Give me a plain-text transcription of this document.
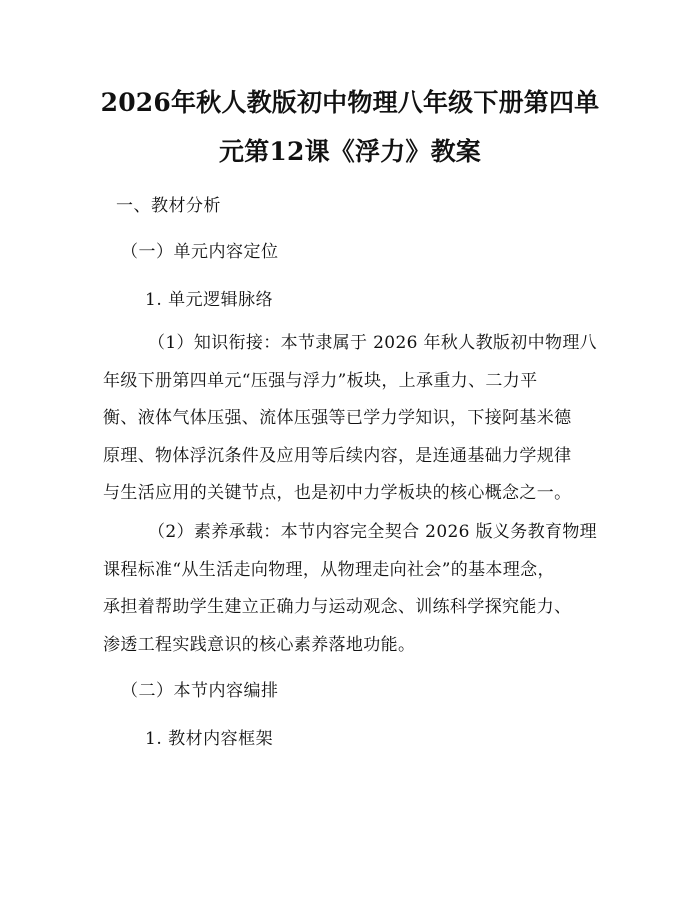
2026年秋人教版初中物理八年级下册第四单
元第12课《浮力》教案
一、教材分析
（一）单元内容定位
1. 单元逻辑脉络
（1）知识衔接：本节隶属于 2026 年秋人教版初中物理八
年级下册第四单元“压强与浮力”板块，上承重力、二力平
衡、液体气体压强、流体压强等已学力学知识，下接阿基米德
原理、物体浮沉条件及应用等后续内容，是连通基础力学规律
与生活应用的关键节点，也是初中力学板块的核心概念之一。
（2）素养承载：本节内容完全契合 2026 版义务教育物理
课程标准“从生活走向物理，从物理走向社会”的基本理念，
承担着帮助学生建立正确力与运动观念、训练科学探究能力、
渗透工程实践意识的核心素养落地功能。
（二）本节内容编排
1. 教材内容框架
